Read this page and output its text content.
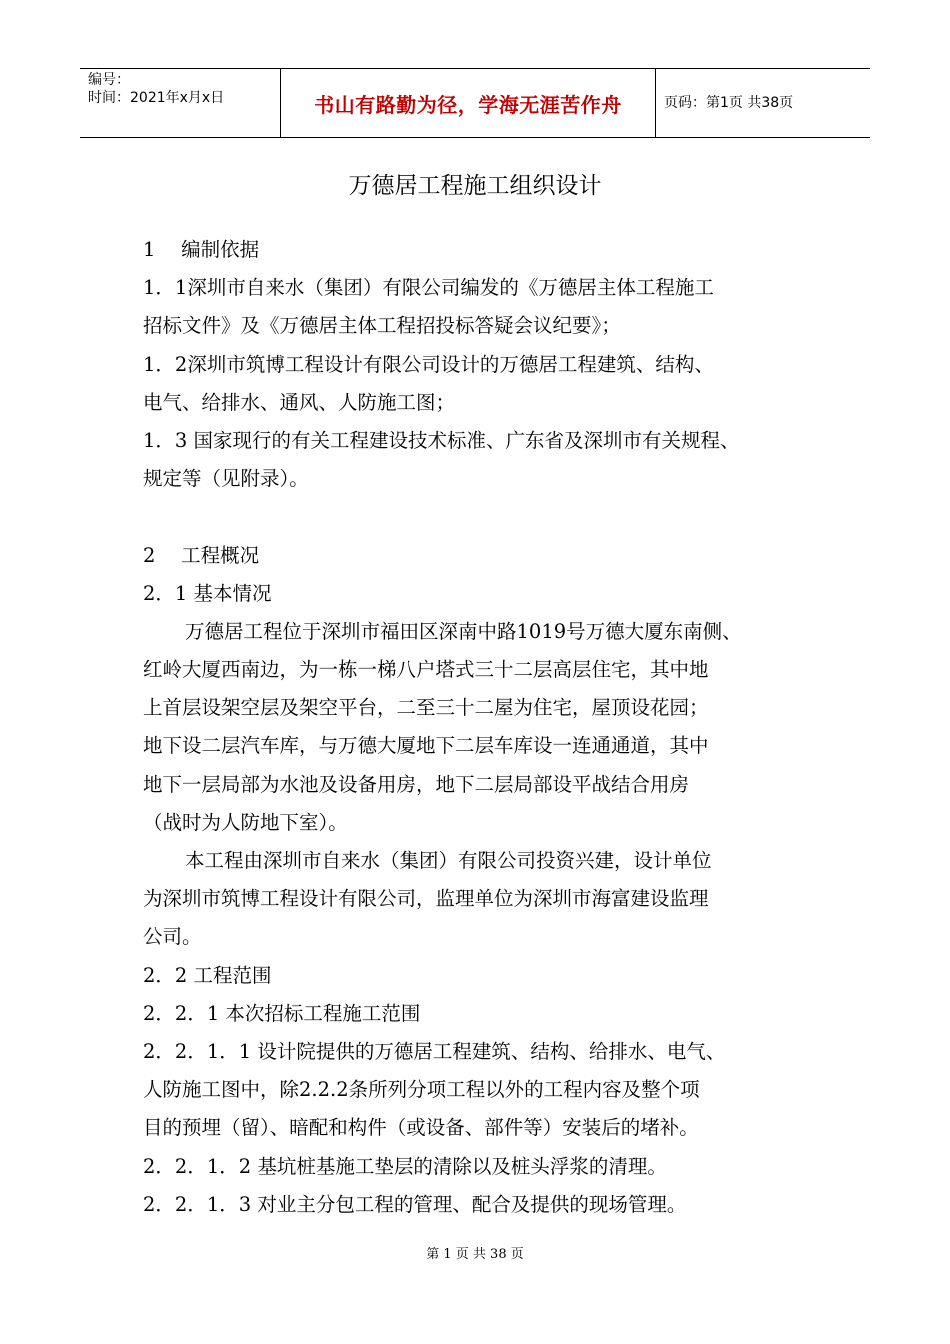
编号：
时间：2021年x月x日	书山有路勤为径，学海无涯苦作舟	页码：第1页 共38页
万德居工程施工组织设计
1　 编制依据
1．1深圳市自来水（集团）有限公司编发的《万德居主体工程施工
招标文件》及《万德居主体工程招投标答疑会议纪要》；
1．2深圳市筑博工程设计有限公司设计的万德居工程建筑、结构、
电气、给排水、通风、人防施工图；
1．3 国家现行的有关工程建设技术标准、广东省及深圳市有关规程、
规定等（见附录）。
2　 工程概况
2．1 基本情况
万德居工程位于深圳市福田区深南中路1019号万德大厦东南侧、
红岭大厦西南边，为一栋一梯八户塔式三十二层高层住宅，其中地
上首层设架空层及架空平台，二至三十二屋为住宅，屋顶设花园；
地下设二层汽车库，与万德大厦地下二层车库设一连通通道，其中
地下一层局部为水池及设备用房，地下二层局部设平战结合用房
（战时为人防地下室）。
本工程由深圳市自来水（集团）有限公司投资兴建，设计单位
为深圳市筑博工程设计有限公司，监理单位为深圳市海富建设监理
公司。
2．2 工程范围
2．2．1 本次招标工程施工范围
2．2．1．1 设计院提供的万德居工程建筑、结构、给排水、电气、
人防施工图中，除2.2.2条所列分项工程以外的工程内容及整个项
目的预埋（留）、暗配和构件（或设备、部件等）安装后的堵补。
2．2．1．2 基坑桩基施工垫层的清除以及桩头浮浆的清理。
2．2．1．3 对业主分包工程的管理、配合及提供的现场管理。
第 1 页 共 38 页
